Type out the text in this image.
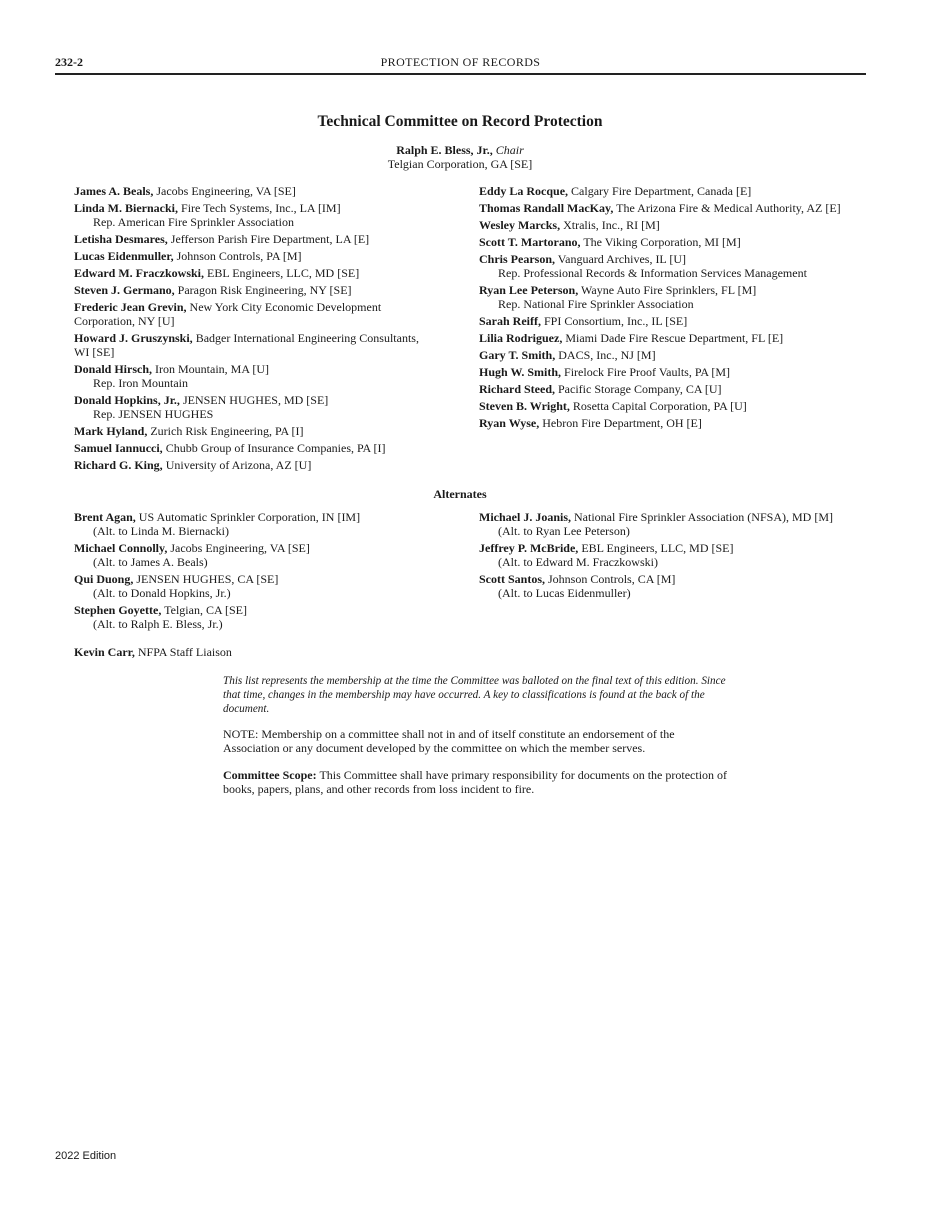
232-2	PROTECTION OF RECORDS
Technical Committee on Record Protection
Ralph E. Bless, Jr., Chair
Telgian Corporation, GA [SE]
James A. Beals, Jacobs Engineering, VA [SE]
Linda M. Biernacki, Fire Tech Systems, Inc., LA [IM]
Rep. American Fire Sprinkler Association
Letisha Desmares, Jefferson Parish Fire Department, LA [E]
Lucas Eidenmuller, Johnson Controls, PA [M]
Edward M. Fraczkowski, EBL Engineers, LLC, MD [SE]
Steven J. Germano, Paragon Risk Engineering, NY [SE]
Frederic Jean Grevin, New York City Economic Development Corporation, NY [U]
Howard J. Gruszynski, Badger International Engineering Consultants, WI [SE]
Donald Hirsch, Iron Mountain, MA [U]
Rep. Iron Mountain
Donald Hopkins, Jr., JENSEN HUGHES, MD [SE]
Rep. JENSEN HUGHES
Mark Hyland, Zurich Risk Engineering, PA [I]
Samuel Iannucci, Chubb Group of Insurance Companies, PA [I]
Richard G. King, University of Arizona, AZ [U]
Eddy La Rocque, Calgary Fire Department, Canada [E]
Thomas Randall MacKay, The Arizona Fire & Medical Authority, AZ [E]
Wesley Marcks, Xtralis, Inc., RI [M]
Scott T. Martorano, The Viking Corporation, MI [M]
Chris Pearson, Vanguard Archives, IL [U]
Rep. Professional Records & Information Services Management
Ryan Lee Peterson, Wayne Auto Fire Sprinklers, FL [M]
Rep. National Fire Sprinkler Association
Sarah Reiff, FPI Consortium, Inc., IL [SE]
Lilia Rodriguez, Miami Dade Fire Rescue Department, FL [E]
Gary T. Smith, DACS, Inc., NJ [M]
Hugh W. Smith, Firelock Fire Proof Vaults, PA [M]
Richard Steed, Pacific Storage Company, CA [U]
Steven B. Wright, Rosetta Capital Corporation, PA [U]
Ryan Wyse, Hebron Fire Department, OH [E]
Alternates
Brent Agan, US Automatic Sprinkler Corporation, IN [IM]
(Alt. to Linda M. Biernacki)
Michael Connolly, Jacobs Engineering, VA [SE]
(Alt. to James A. Beals)
Qui Duong, JENSEN HUGHES, CA [SE]
(Alt. to Donald Hopkins, Jr.)
Stephen Goyette, Telgian, CA [SE]
(Alt. to Ralph E. Bless, Jr.)
Michael J. Joanis, National Fire Sprinkler Association (NFSA), MD [M]
(Alt. to Ryan Lee Peterson)
Jeffrey P. McBride, EBL Engineers, LLC, MD [SE]
(Alt. to Edward M. Fraczkowski)
Scott Santos, Johnson Controls, CA [M]
(Alt. to Lucas Eidenmuller)
Kevin Carr, NFPA Staff Liaison
This list represents the membership at the time the Committee was balloted on the final text of this edition. Since that time, changes in the membership may have occurred. A key to classifications is found at the back of the document.
NOTE: Membership on a committee shall not in and of itself constitute an endorsement of the Association or any document developed by the committee on which the member serves.
Committee Scope: This Committee shall have primary responsibility for documents on the protection of books, papers, plans, and other records from loss incident to fire.
2022 Edition
